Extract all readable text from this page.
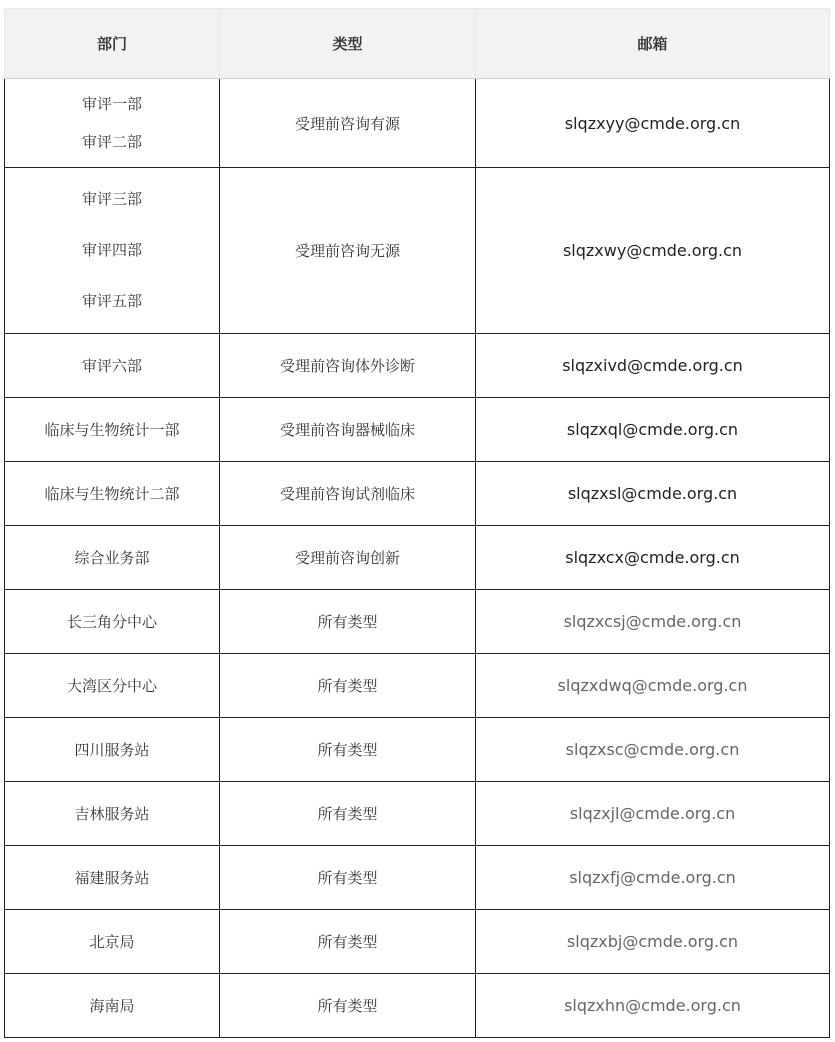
部门	类型	邮箱

审评一部
审评二部	受理前咨询有源	slqzxyy@cmde.org.cn

审评三部
审评四部
审评五部	受理前咨询无源	slqzxwy@cmde.org.cn
审评六部	受理前咨询体外诊断	slqzxivd@cmde.org.cn
临床与生物统计一部	受理前咨询器械临床	slqzxql@cmde.org.cn
临床与生物统计二部	受理前咨询试剂临床	slqzxsl@cmde.org.cn
综合业务部	受理前咨询创新	slqzxcx@cmde.org.cn
长三角分中心	所有类型	slqzxcsj@cmde.org.cn
大湾区分中心	所有类型	slqzxdwq@cmde.org.cn
四川服务站	所有类型	slqzxsc@cmde.org.cn
吉林服务站	所有类型	slqzxjl@cmde.org.cn
福建服务站	所有类型	slqzxfj@cmde.org.cn
北京局	所有类型	slqzxbj@cmde.org.cn
海南局	所有类型	slqzxhn@cmde.org.cn
